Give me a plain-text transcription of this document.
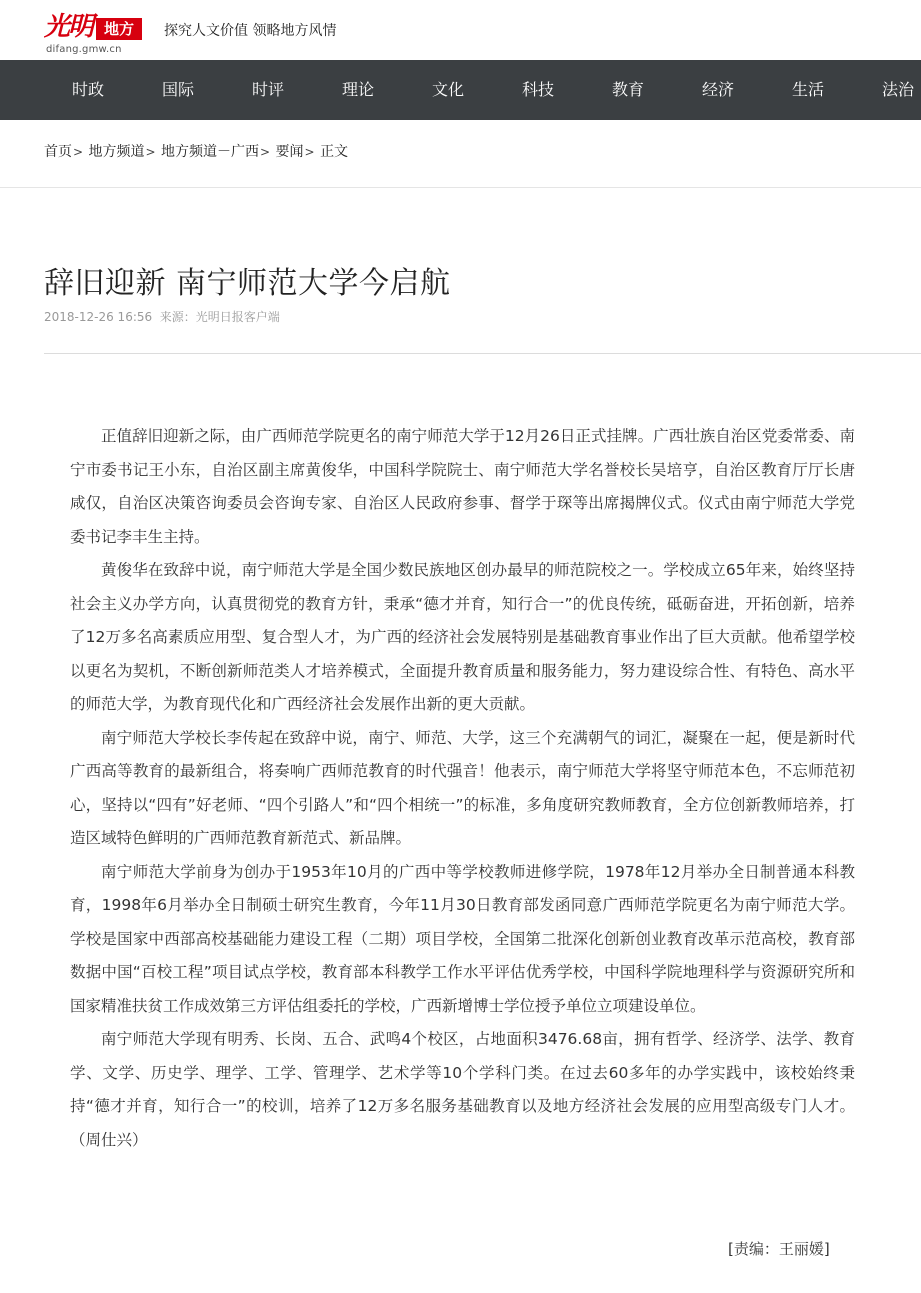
光明 地方
difang.gmw.cn
探究人文价值 领略地方风情
时政	国际	时评	理论	文化	科技	教育	经济	生活	法治
首页> 地方频道> 地方频道－广西> 要闻> 正文
辞旧迎新 南宁师范大学今启航
2018-12-26 16:56 来源：光明日报客户端

正值辞旧迎新之际，由广西师范学院更名的南宁师范大学于12月26日正式挂牌。广西壮族自治区党委常委、南宁市委书记王小东，自治区副主席黄俊华，中国科学院院士、南宁师范大学名誉校长吴培亨，自治区教育厅厅长唐咸仅，自治区决策咨询委员会咨询专家、自治区人民政府参事、督学于琛等出席揭牌仪式。仪式由南宁师范大学党委书记李丰生主持。

黄俊华在致辞中说，南宁师范大学是全国少数民族地区创办最早的师范院校之一。学校成立65年来，始终坚持社会主义办学方向，认真贯彻党的教育方针，秉承“德才并育，知行合一”的优良传统，砥砺奋进，开拓创新，培养了12万多名高素质应用型、复合型人才，为广西的经济社会发展特别是基础教育事业作出了巨大贡献。他希望学校以更名为契机，不断创新师范类人才培养模式，全面提升教育质量和服务能力，努力建设综合性、有特色、高水平的师范大学，为教育现代化和广西经济社会发展作出新的更大贡献。

南宁师范大学校长李传起在致辞中说，南宁、师范、大学，这三个充满朝气的词汇，凝聚在一起，便是新时代广西高等教育的最新组合，将奏响广西师范教育的时代强音！他表示，南宁师范大学将坚守师范本色，不忘师范初心，坚持以“四有”好老师、“四个引路人”和“四个相统一”的标准，多角度研究教师教育，全方位创新教师培养，打造区域特色鲜明的广西师范教育新范式、新品牌。

南宁师范大学前身为创办于1953年10月的广西中等学校教师进修学院，1978年12月举办全日制普通本科教育，1998年6月举办全日制硕士研究生教育，今年11月30日教育部发函同意广西师范学院更名为南宁师范大学。学校是国家中西部高校基础能力建设工程（二期）项目学校，全国第二批深化创新创业教育改革示范高校，教育部数据中国“百校工程”项目试点学校，教育部本科教学工作水平评估优秀学校，中国科学院地理科学与资源研究所和国家精准扶贫工作成效第三方评估组委托的学校，广西新增博士学位授予单位立项建设单位。

南宁师范大学现有明秀、长岗、五合、武鸣4个校区，占地面积3476.68亩，拥有哲学、经济学、法学、教育学、文学、历史学、理学、工学、管理学、艺术学等10个学科门类。在过去60多年的办学实践中，该校始终秉持“德才并育，知行合一”的校训，培养了12万多名服务基础教育以及地方经济社会发展的应用型高级专门人才。（周仕兴）

[责编：王丽媛]
